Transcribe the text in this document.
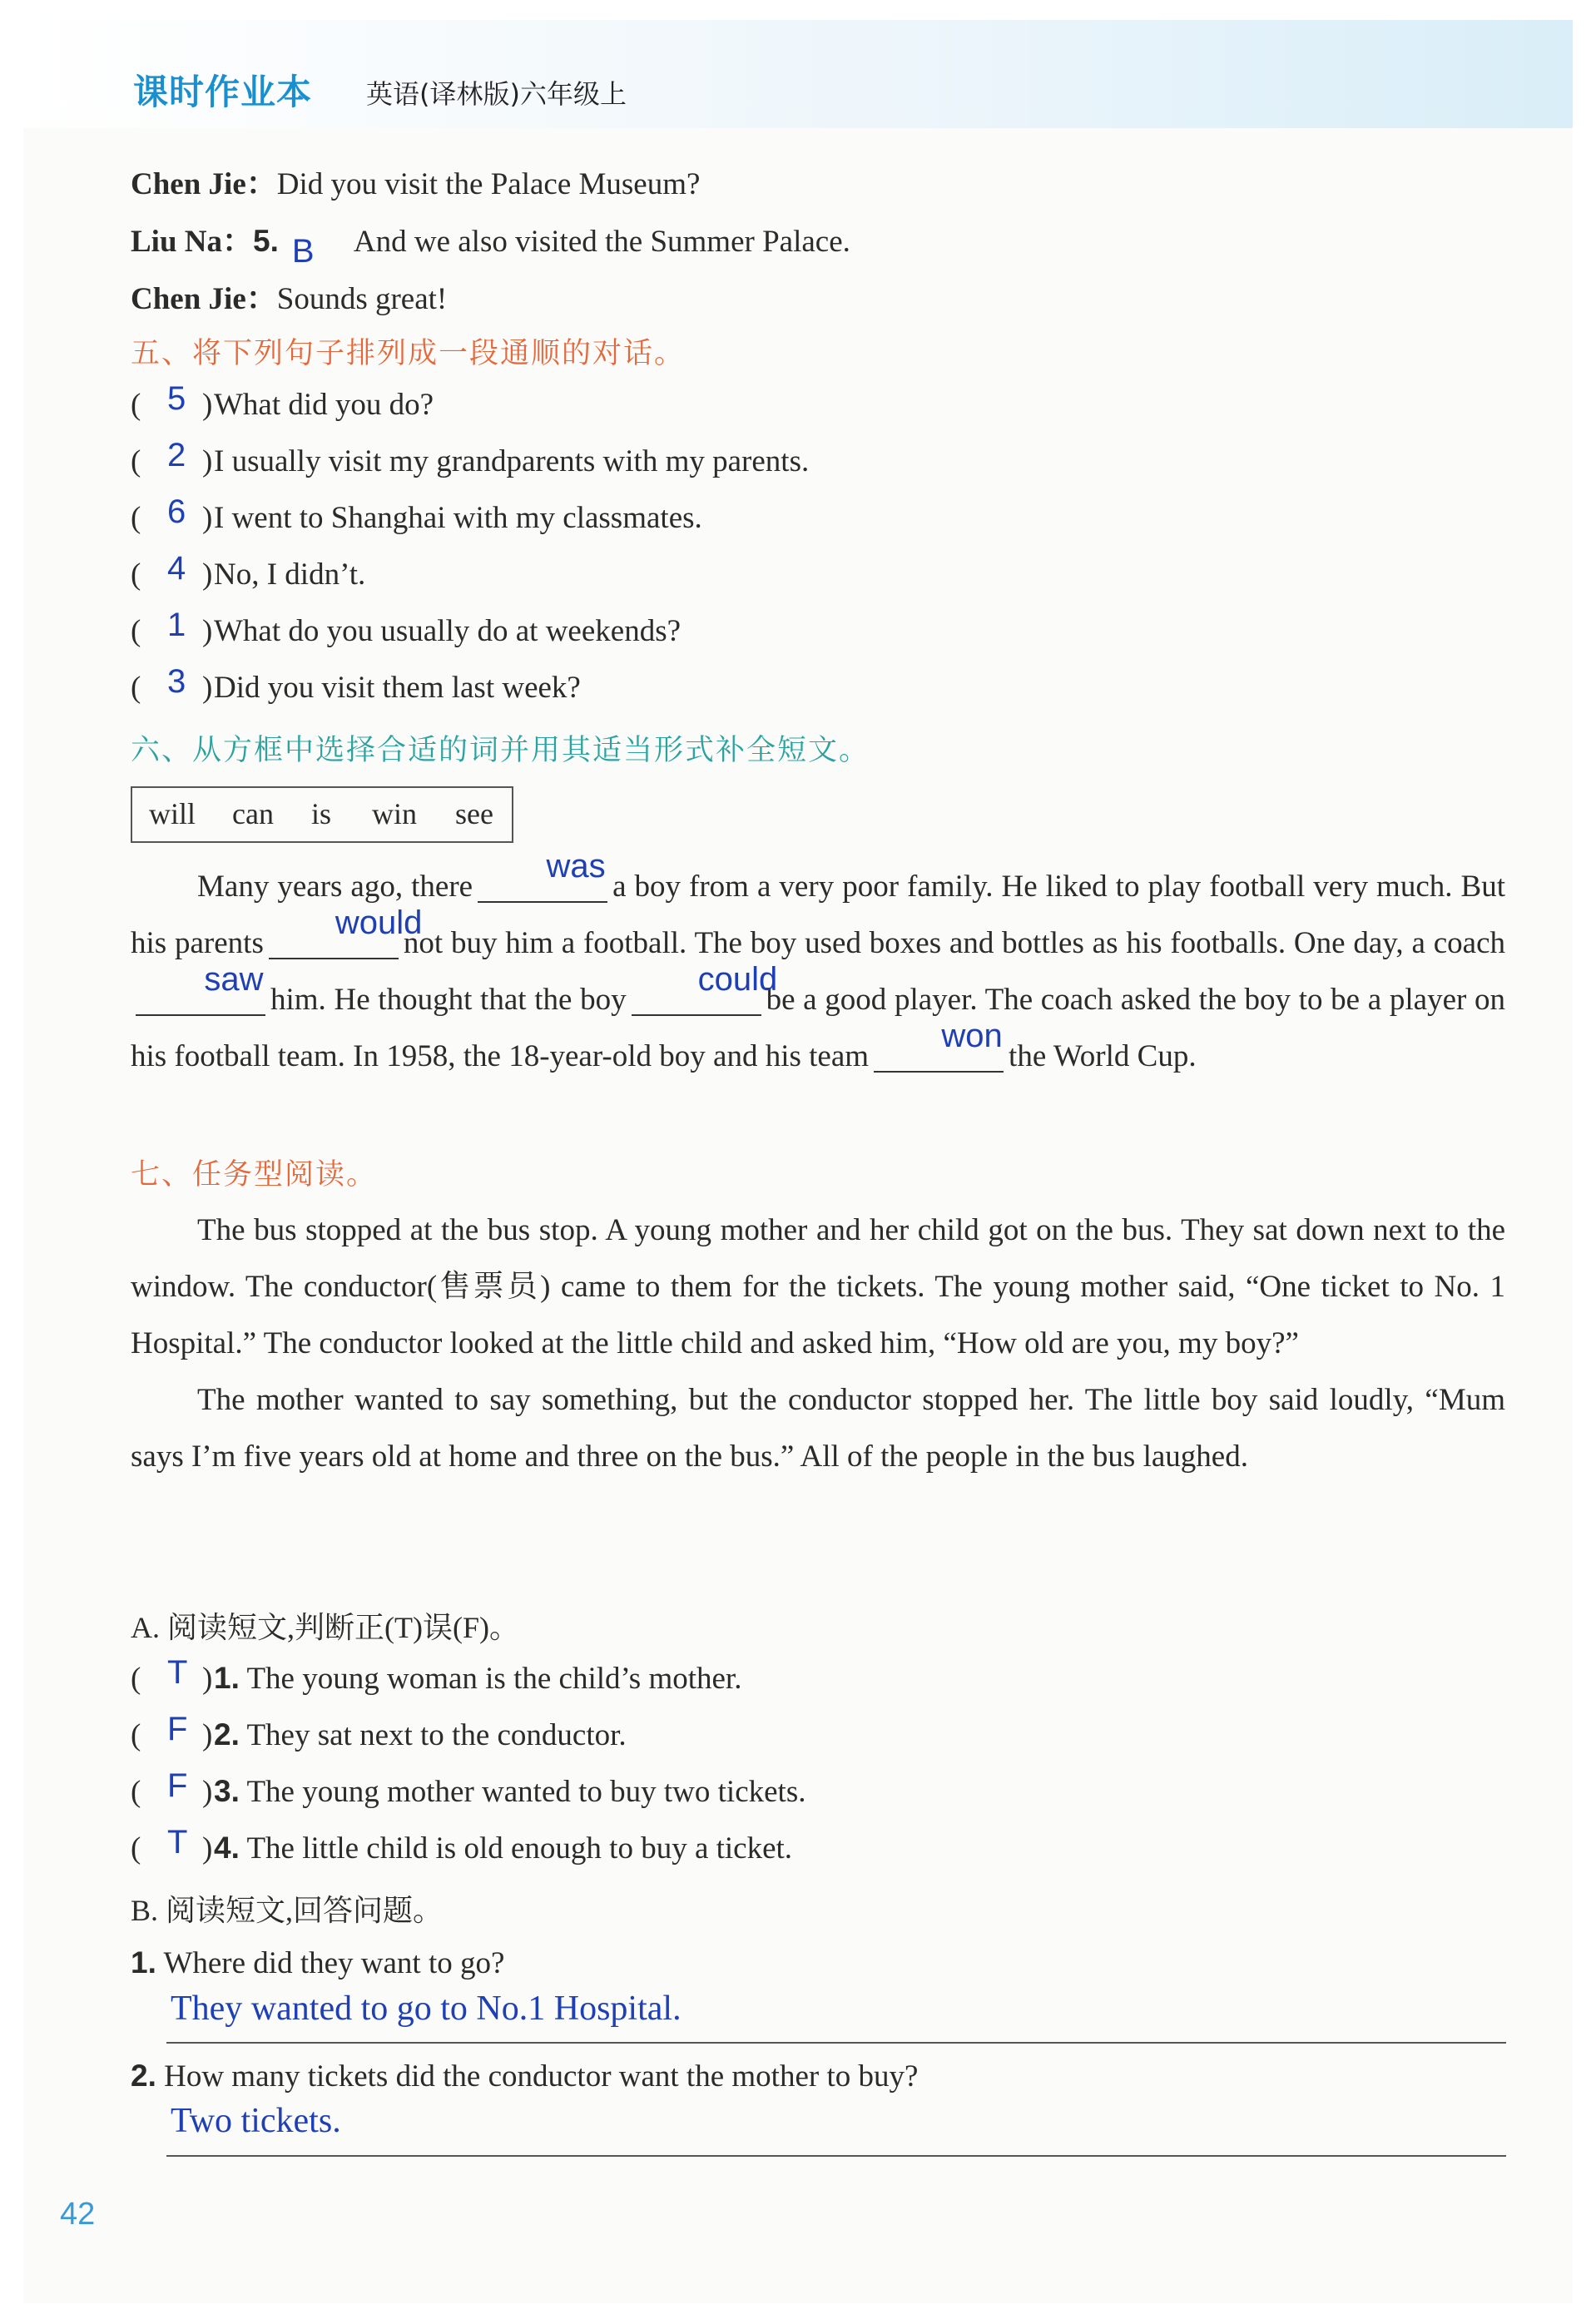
课时作业本 英语(译林版)六年级上
Chen Jie：Did you visit the Palace Museum?
Liu Na：5. B And we also visited the Summer Palace.
Chen Jie：Sounds great!
五、将下列句子排列成一段通顺的对话。
( 5 ) What did you do?
( 2 ) I usually visit my grandparents with my parents.
( 6 ) I went to Shanghai with my classmates.
( 4 ) No, I didn’t.
( 1 ) What do you usually do at weekends?
( 3 ) Did you visit them last week?
六、从方框中选择合适的词并用其适当形式补全短文。
will can is win see

Many years ago, there
was
a boy from a very poor family. He liked to play football very much. But his parents
would
not buy him a football. The boy used boxes and bottles as his footballs. One day, a coach
saw
him. He thought that the boy
could
be a good player. The coach asked the boy to be a player on his football team. In 1958, the 18-year-old boy and his team
won
the World Cup.

七、任务型阅读。

The bus stopped at the bus stop. A young mother and her child got on the bus. They sat down next to the window. The conductor(售票员) came to them for the tickets. The young mother said, “One ticket to No. 1 Hospital.” The conductor looked at the little child and asked him, “How old are you, my boy?”

The mother wanted to say something, but the conductor stopped her. The little boy said loudly, “Mum says I’m five years old at home and three on the bus.” All of the people in the bus laughed.

A. 阅读短文,判断正(T)误(F)。
( T ) 1. The young woman is the child’s mother.
( F ) 2. They sat next to the conductor.
( F ) 3. The young mother wanted to buy two tickets.
( T ) 4. The little child is old enough to buy a ticket.
B. 阅读短文,回答问题。
1. Where did they want to go?
They wanted to go to No.1 Hospital.
2. How many tickets did the conductor want the mother to buy?
Two tickets.
42
